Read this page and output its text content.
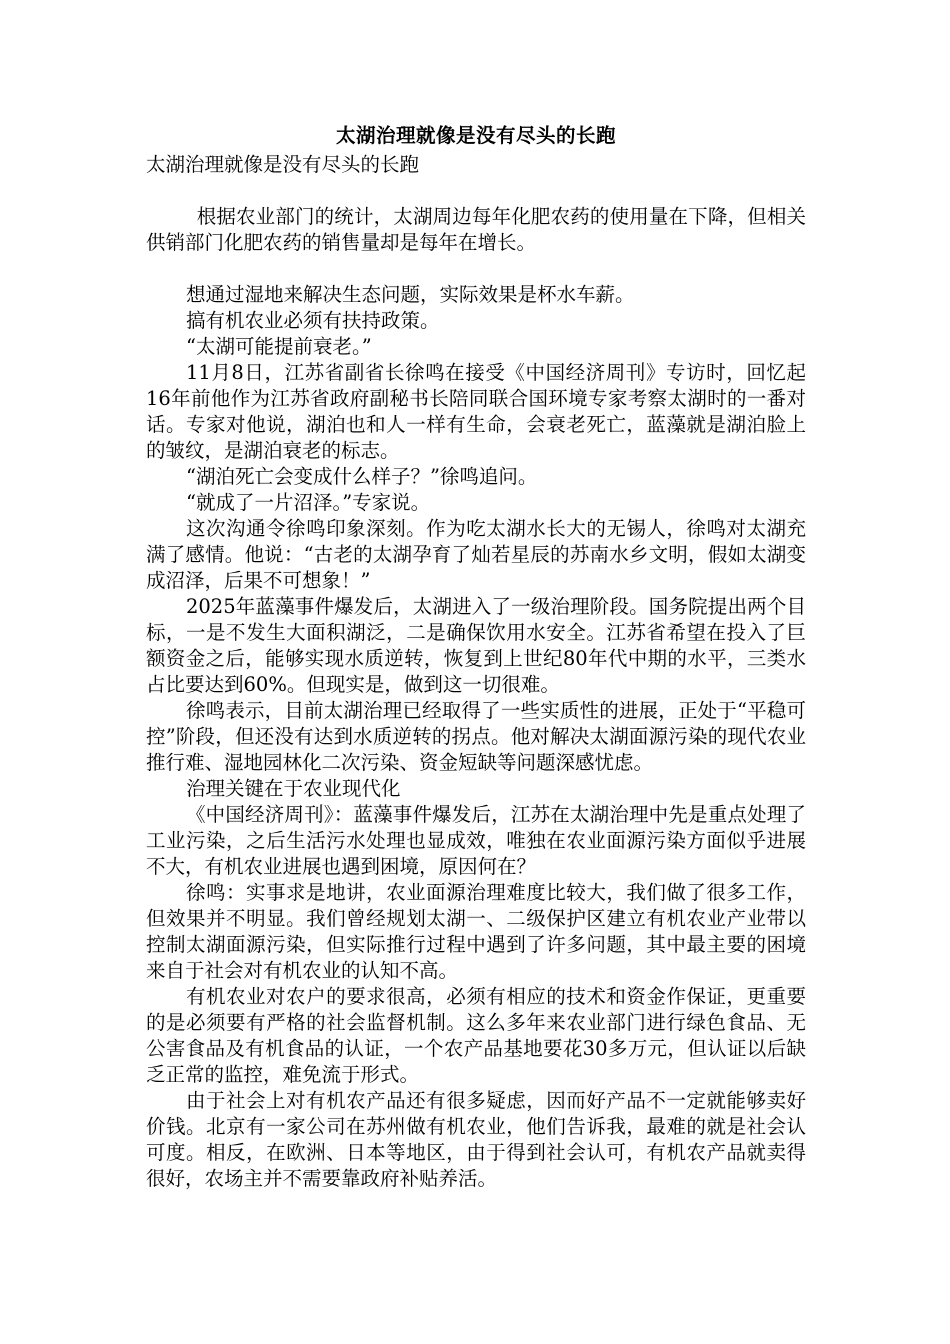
太湖治理就像是没有尽头的长跑

太湖治理就像是没有尽头的长跑

根据农业部门的统计，太湖周边每年化肥农药的使用量在下降，但相关供销部门化肥农药的销售量却是每年在增长。

想通过湿地来解决生态问题，实际效果是杯水车薪。

搞有机农业必须有扶持政策。

“太湖可能提前衰老。”

11月8日，江苏省副省长徐鸣在接受《中国经济周刊》专访时，回忆起16年前他作为江苏省政府副秘书长陪同联合国环境专家考察太湖时的一番对话。专家对他说，湖泊也和人一样有生命，会衰老死亡，蓝藻就是湖泊脸上的皱纹，是湖泊衰老的标志。

“湖泊死亡会变成什么样子？”徐鸣追问。

“就成了一片沼泽。”专家说。

这次沟通令徐鸣印象深刻。作为吃太湖水长大的无锡人，徐鸣对太湖充满了感情。他说：“古老的太湖孕育了灿若星辰的苏南水乡文明，假如太湖变成沼泽，后果不可想象！”

2025年蓝藻事件爆发后，太湖进入了一级治理阶段。国务院提出两个目标，一是不发生大面积湖泛，二是确保饮用水安全。江苏省希望在投入了巨额资金之后，能够实现水质逆转，恢复到上世纪80年代中期的水平，三类水占比要达到60%。但现实是，做到这一切很难。

徐鸣表示，目前太湖治理已经取得了一些实质性的进展，正处于“平稳可控”阶段，但还没有达到水质逆转的拐点。他对解决太湖面源污染的现代农业推行难、湿地园林化二次污染、资金短缺等问题深感忧虑。

治理关键在于农业现代化

《中国经济周刊》：蓝藻事件爆发后，江苏在太湖治理中先是重点处理了工业污染，之后生活污水处理也显成效，唯独在农业面源污染方面似乎进展不大，有机农业进展也遇到困境，原因何在？

徐鸣：实事求是地讲，农业面源治理难度比较大，我们做了很多工作，但效果并不明显。我们曾经规划太湖一、二级保护区建立有机农业产业带以控制太湖面源污染，但实际推行过程中遇到了许多问题，其中最主要的困境来自于社会对有机农业的认知不高。

有机农业对农户的要求很高，必须有相应的技术和资金作保证，更重要的是必须要有严格的社会监督机制。这么多年来农业部门进行绿色食品、无公害食品及有机食品的认证，一个农产品基地要花30多万元，但认证以后缺乏正常的监控，难免流于形式。

由于社会上对有机农产品还有很多疑虑，因而好产品不一定就能够卖好价钱。北京有一家公司在苏州做有机农业，他们告诉我，最难的就是社会认可度。相反，在欧洲、日本等地区，由于得到社会认可，有机农产品就卖得很好，农场主并不需要靠政府补贴养活。
